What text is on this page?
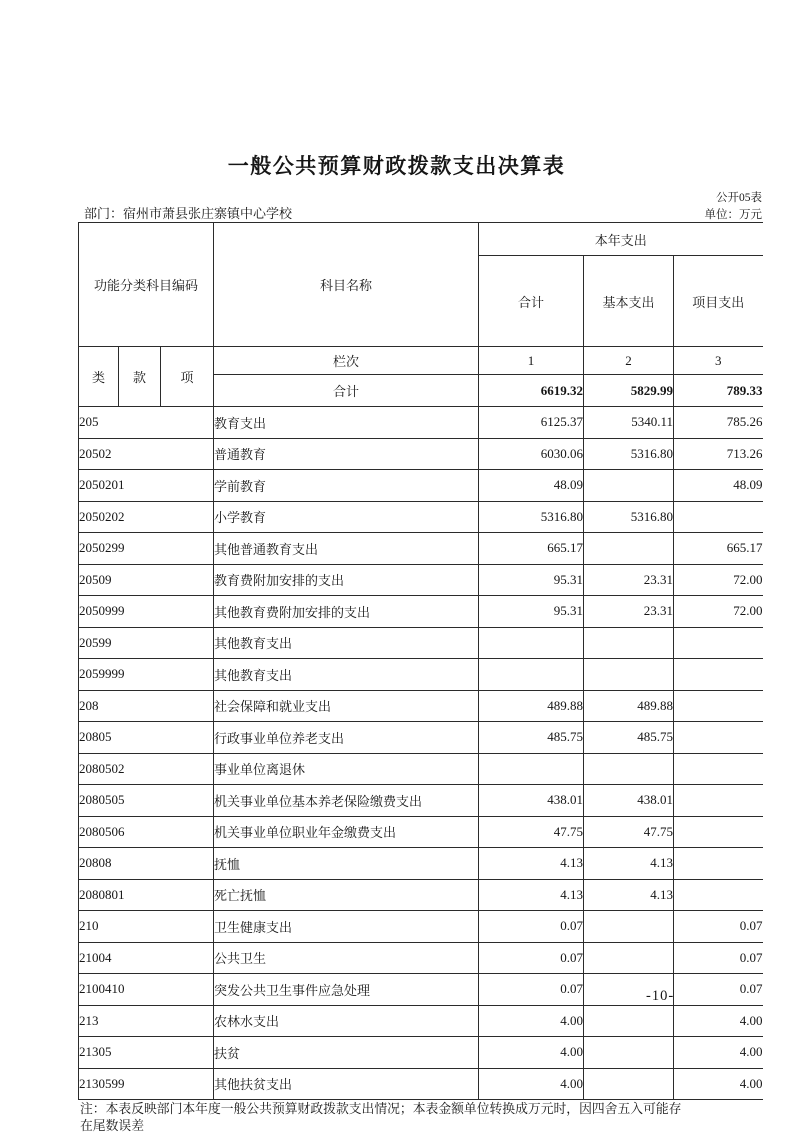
一般公共预算财政拨款支出决算表
公开05表
部门：宿州市萧县张庄寨镇中心学校	单位：万元
功能分类科目编码			科目名称	本年支出		
				合计	基本支出	项目支出
类	款	项	栏次	1	2	3
			合计	6619.32	5829.99	789.33
205			教育支出	6125.37	5340.11	785.26
20502			普通教育	6030.06	5316.80	713.26
2050201			学前教育	48.09		48.09
2050202			小学教育	5316.80	5316.80	
2050299			其他普通教育支出	665.17		665.17
20509			教育费附加安排的支出	95.31	23.31	72.00
2050999			其他教育费附加安排的支出	95.31	23.31	72.00
20599			其他教育支出			
2059999			其他教育支出			
208			社会保障和就业支出	489.88	489.88	
20805			行政事业单位养老支出	485.75	485.75	
2080502			事业单位离退休			
2080505			机关事业单位基本养老保险缴费支出	438.01	438.01	
2080506			机关事业单位职业年金缴费支出	47.75	47.75	
20808			抚恤	4.13	4.13	
2080801			死亡抚恤	4.13	4.13	
210			卫生健康支出	0.07		0.07
21004			公共卫生	0.07		0.07
2100410			突发公共卫生事件应急处理	0.07		0.07
213			农林水支出	4.00		4.00
21305			扶贫	4.00		4.00
2130599			其他扶贫支出	4.00		4.00
-10-
注：本表反映部门本年度一般公共预算财政拨款支出情况；本表金额单位转换成万元时，因四舍五入可能存
在尾数误差
